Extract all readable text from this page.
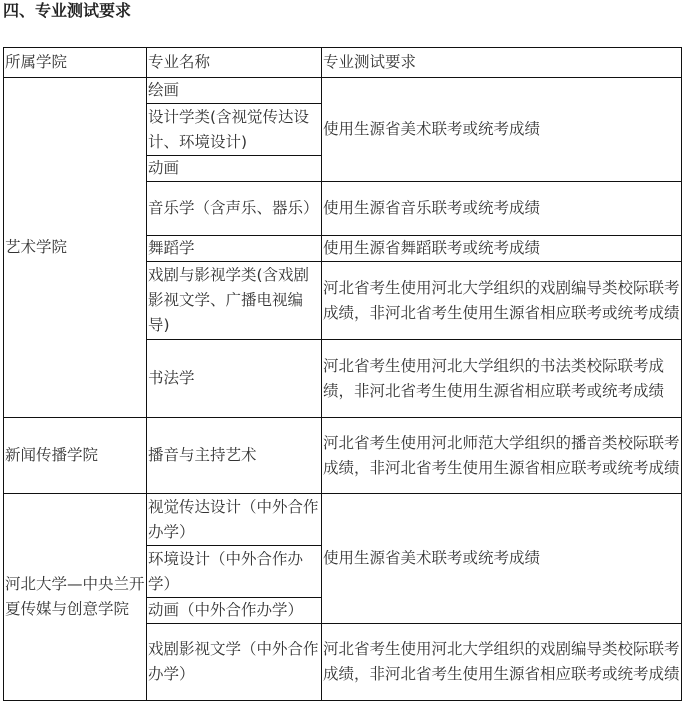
四、专业测试要求
所属学院	专业名称	专业测试要求
艺术学院	绘画	使用生源省美术联考或统考成绩
	设计学类(含视觉传达设计、环境设计)	
	动画	
	音乐学（含声乐、器乐）	使用生源省音乐联考或统考成绩
	舞蹈学	使用生源省舞蹈联考或统考成绩
	戏剧与影视学类(含戏剧影视文学、广播电视编导)	河北省考生使用河北大学组织的戏剧编导类校际联考成绩，非河北省考生使用生源省相应联考或统考成绩
	书法学	河北省考生使用河北大学组织的书法类校际联考成绩，非河北省考生使用生源省相应联考或统考成绩
新闻传播学院	播音与主持艺术	河北省考生使用河北师范大学组织的播音类校际联考成绩，非河北省考生使用生源省相应联考或统考成绩
河北大学—中央兰开夏传媒与创意学院	视觉传达设计（中外合作办学）	使用生源省美术联考或统考成绩
	环境设计（中外合作办学）	
	动画（中外合作办学）	
	戏剧影视文学（中外合作办学）	河北省考生使用河北大学组织的戏剧编导类校际联考成绩，非河北省考生使用生源省相应联考或统考成绩
